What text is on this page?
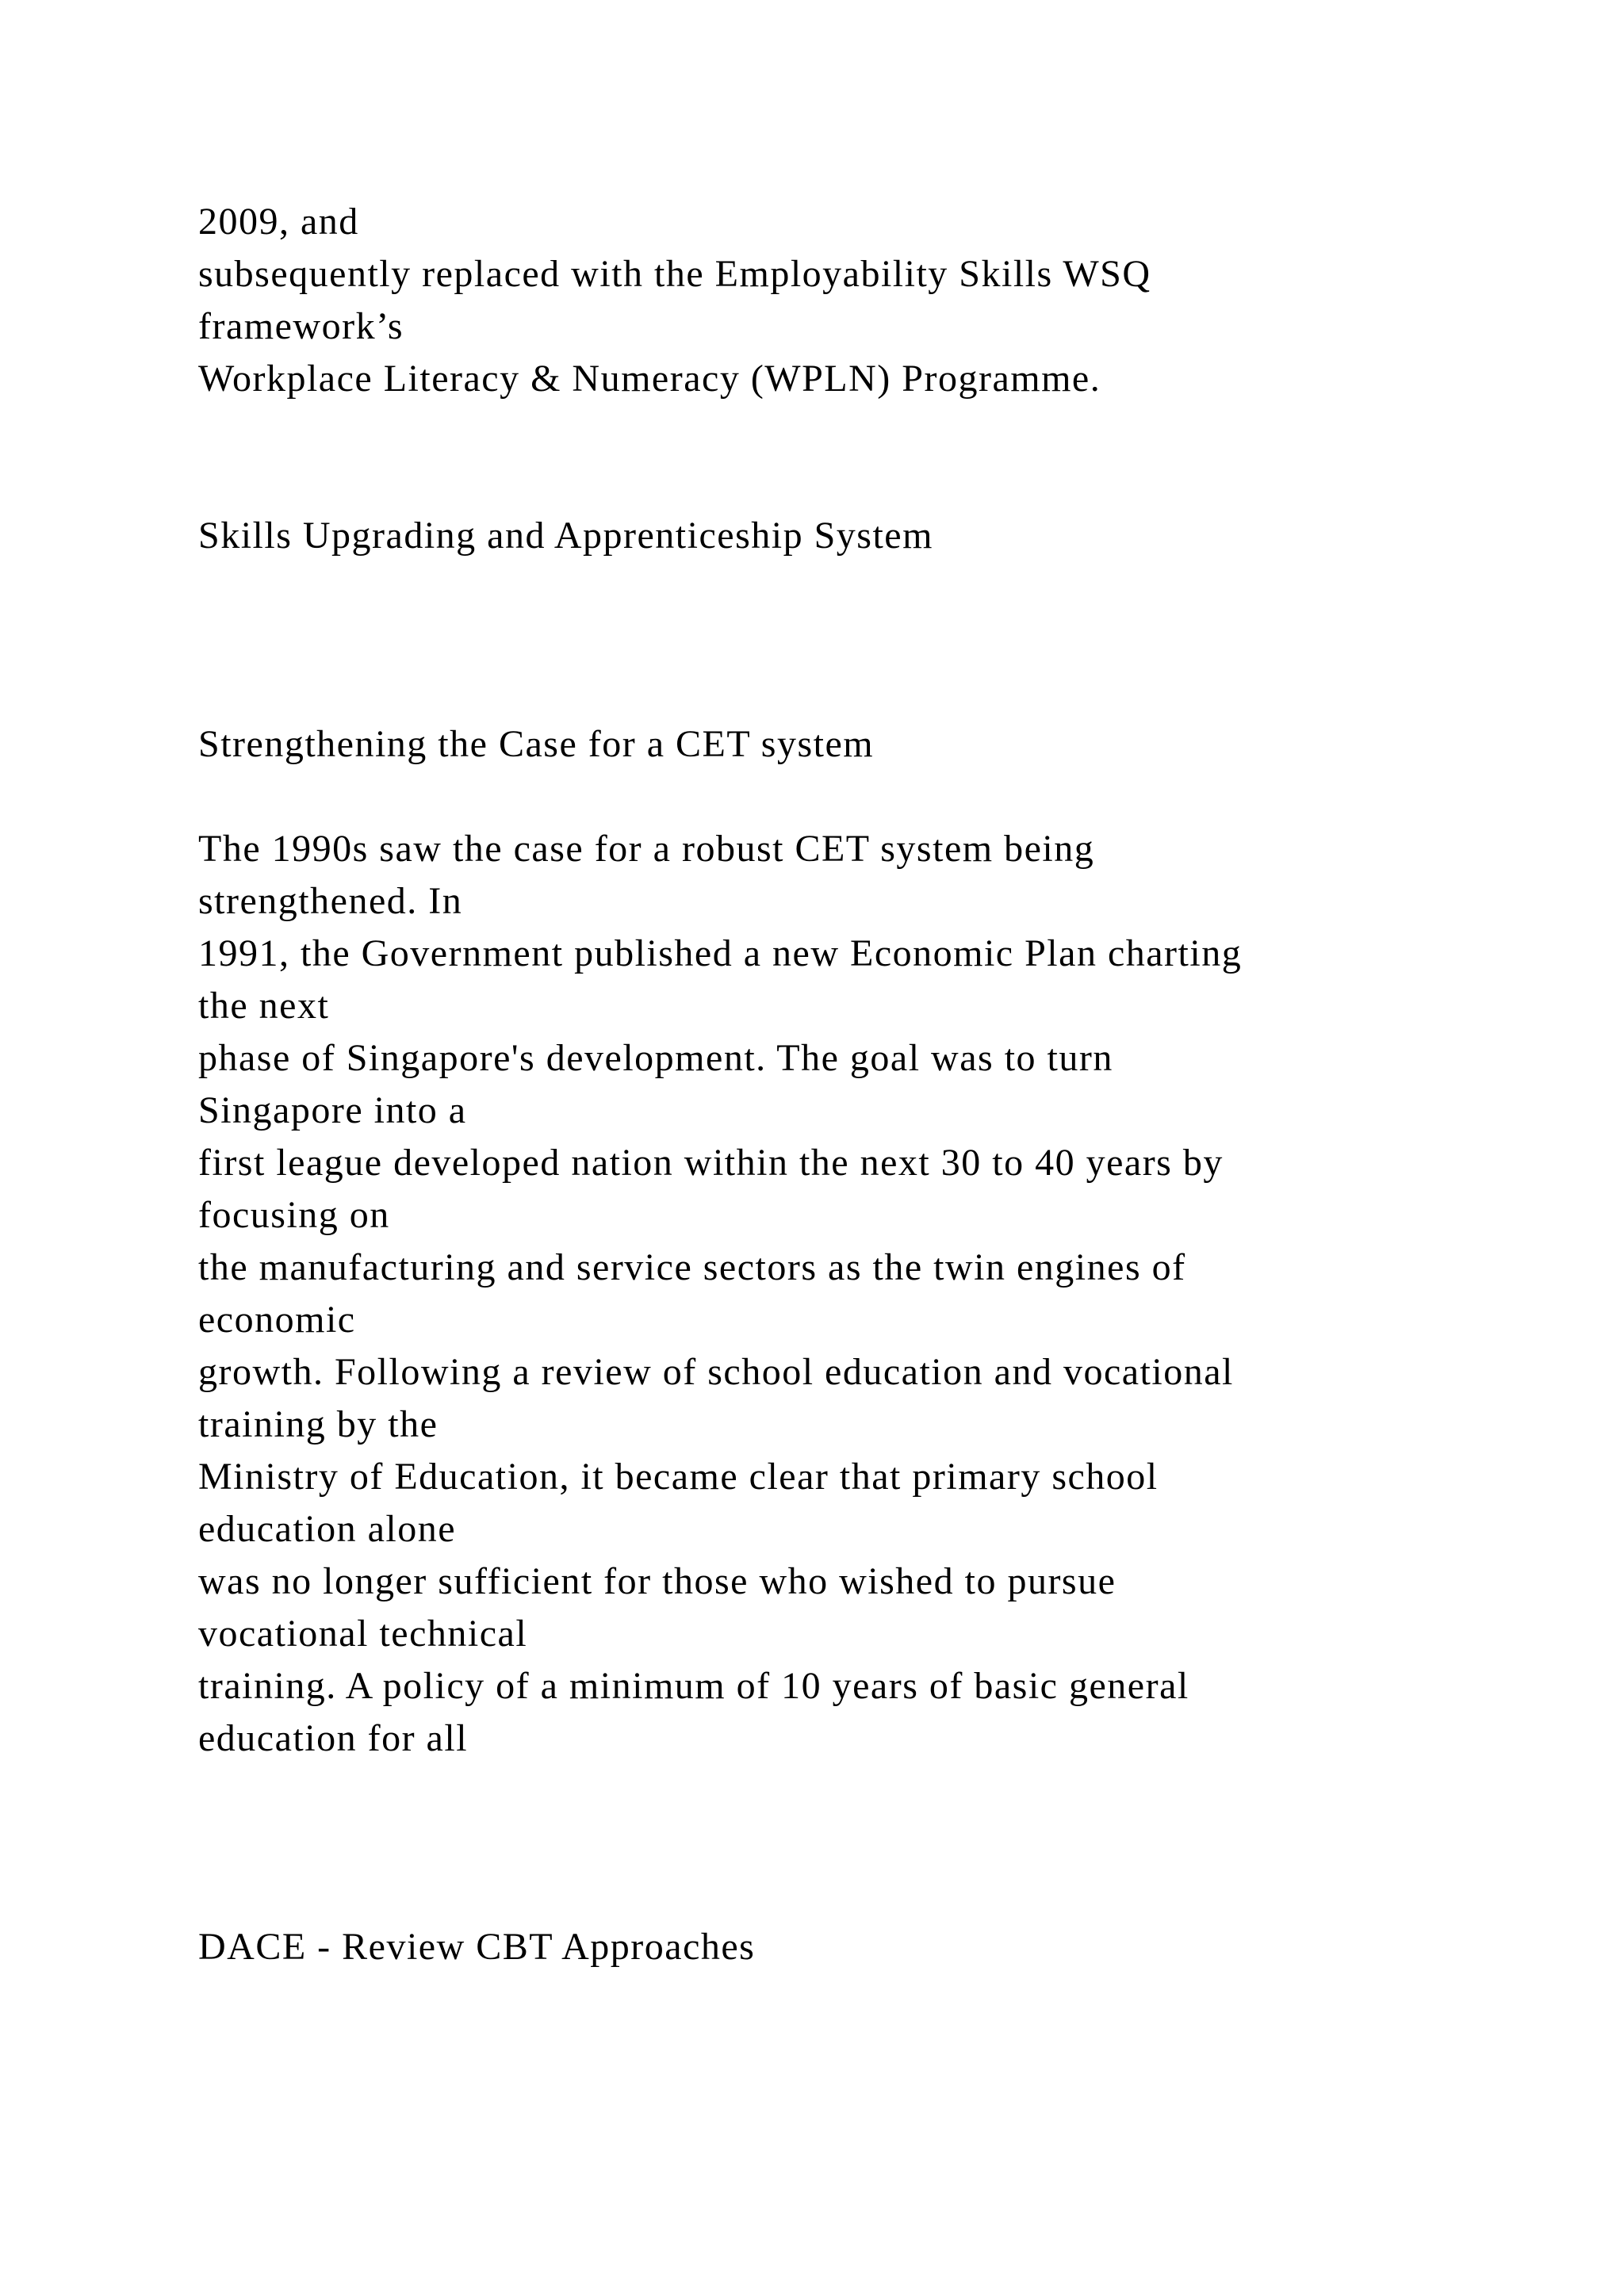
2009, and

subsequently replaced with the Employability Skills WSQ

framework’s

Workplace Literacy & Numeracy (WPLN) Programme.

Skills Upgrading and Apprenticeship System

Strengthening the Case for a CET system

The 1990s saw the case for a robust CET system being

strengthened. In

1991, the Government published a new Economic Plan charting

the next

phase of Singapore's development. The goal was to turn

Singapore into a

first league developed nation within the next 30 to 40 years by

focusing on

the manufacturing and service sectors as the twin engines of

economic

growth. Following a review of school education and vocational

training by the

Ministry of Education, it became clear that primary school

education alone

was no longer sufficient for those who wished to pursue

vocational technical

training. A policy of a minimum of 10 years of basic general

education for all

DACE - Review CBT Approaches
